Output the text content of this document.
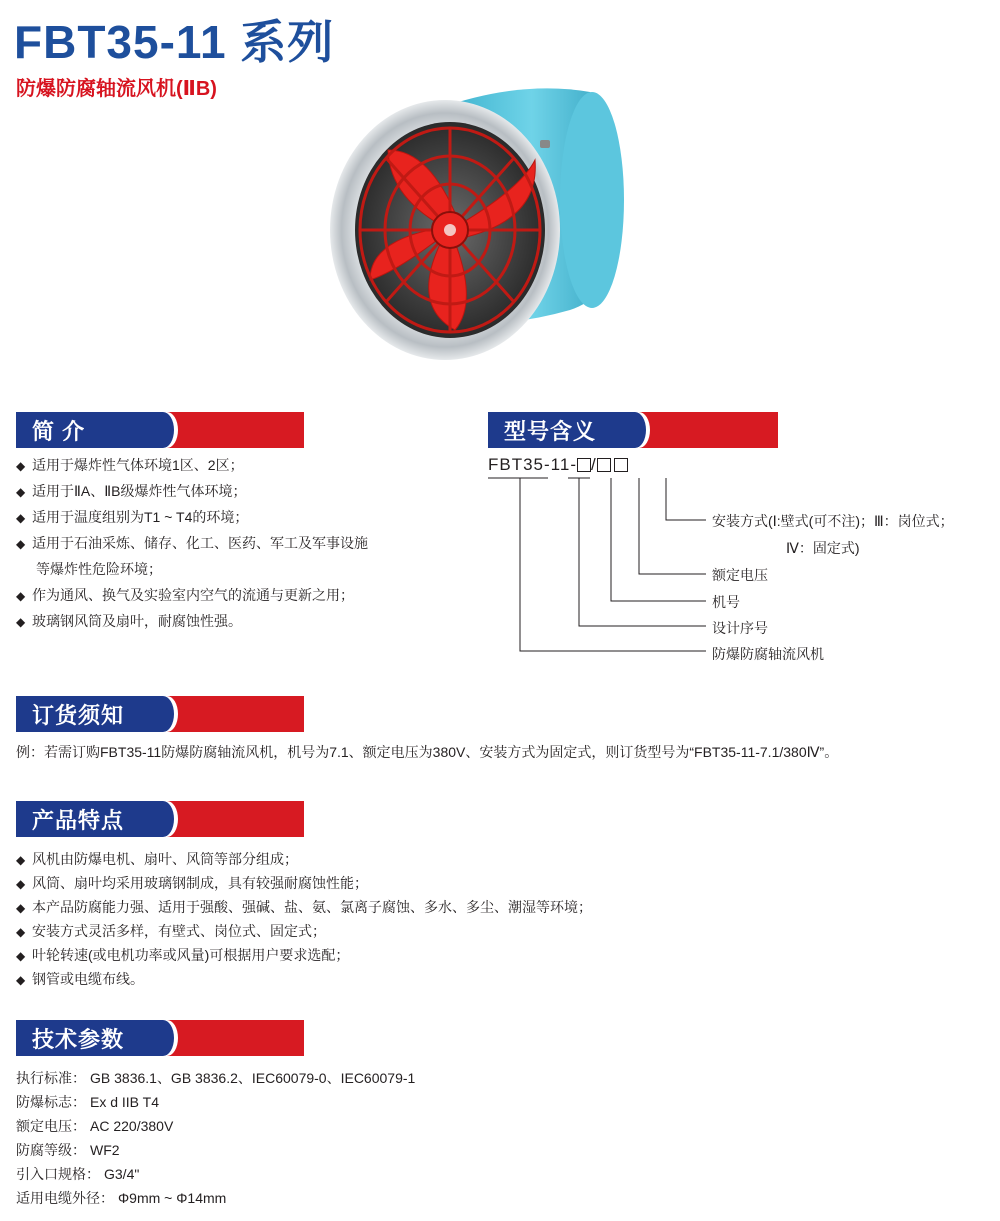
FBT35-11 系列
防爆防腐轴流风机(ⅡB)
简 介
◆ 适用于爆炸性气体环境1区、2区；
◆ 适用于ⅡA、ⅡB级爆炸性气体环境；
◆ 适用于温度组别为T1 ~ T4的环境；
◆ 适用于石油采炼、储存、化工、医药、军工及军事设施
等爆炸性危险环境；
◆ 作为通风、换气及实验室内空气的流通与更新之用；
◆ 玻璃钢风筒及扇叶，耐腐蚀性强。
型号含义
FBT35-11- /
安装方式(Ⅰ:壁式(可不注)；Ⅲ：岗位式；
Ⅳ：固定式)
额定电压
机号
设计序号
防爆防腐轴流风机
订货须知
例：若需订购FBT35-11防爆防腐轴流风机，机号为7.1、额定电压为380V、安装方式为固定式，则订货型号为“FBT35-11-7.1/380Ⅳ”。
产品特点
◆ 风机由防爆电机、扇叶、风筒等部分组成；
◆ 风筒、扇叶均采用玻璃钢制成，具有较强耐腐蚀性能；
◆ 本产品防腐能力强、适用于强酸、强碱、盐、氨、氯离子腐蚀、多水、多尘、潮湿等环境；
◆ 安装方式灵活多样，有壁式、岗位式、固定式；
◆ 叶轮转速(或电机功率或风量)可根据用户要求选配；
◆ 钢管或电缆布线。
技术参数
执行标准： GB 3836.1、GB 3836.2、IEC60079-0、IEC60079-1
防爆标志： Ex d IIB T4
额定电压： AC 220/380V
防腐等级： WF2
引入口规格： G3/4"
适用电缆外径： Φ9mm ~ Φ14mm
